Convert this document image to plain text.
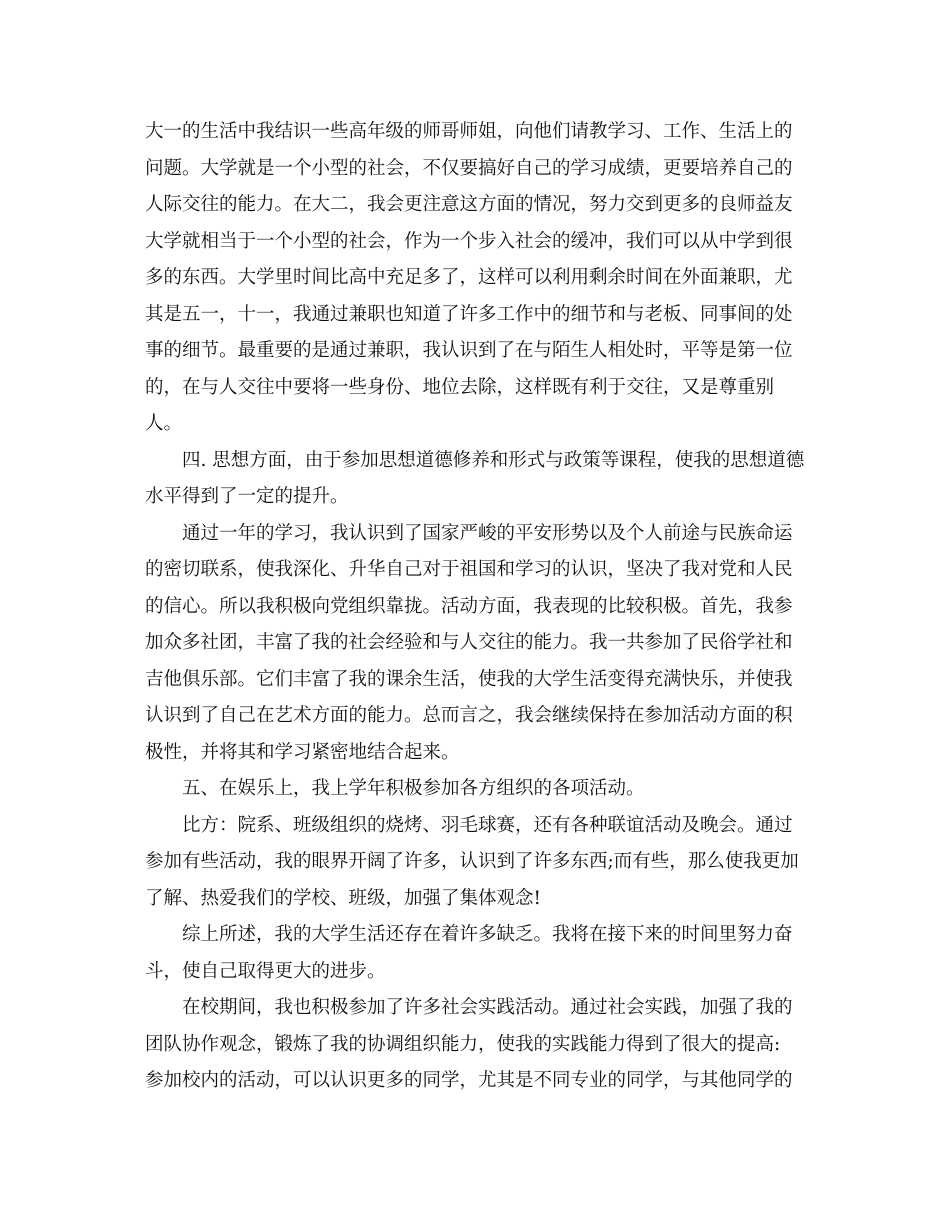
大一的生活中我结识一些高年级的师哥师姐，向他们请教学习、工作、生活上的
问题。大学就是一个小型的社会，不仅要搞好自己的学习成绩，更要培养自己的
人际交往的能力。在大二，我会更注意这方面的情况，努力交到更多的良师益友
大学就相当于一个小型的社会，作为一个步入社会的缓冲，我们可以从中学到很
多的东西。大学里时间比高中充足多了，这样可以利用剩余时间在外面兼职，尤
其是五一，十一，我通过兼职也知道了许多工作中的细节和与老板、同事间的处
事的细节。最重要的是通过兼职，我认识到了在与陌生人相处时，平等是第一位
的，在与人交往中要将一些身份、地位去除，这样既有利于交往，又是尊重别
人。
四. 思想方面，由于参加思想道德修养和形式与政策等课程，使我的思想道德
水平得到了一定的提升。
通过一年的学习，我认识到了国家严峻的平安形势以及个人前途与民族命运
的密切联系，使我深化、升华自己对于祖国和学习的认识，坚决了我对党和人民
的信心。所以我积极向党组织靠拢。活动方面，我表现的比较积极。首先，我参
加众多社团，丰富了我的社会经验和与人交往的能力。我一共参加了民俗学社和
吉他俱乐部。它们丰富了我的课余生活，使我的大学生活变得充满快乐，并使我
认识到了自己在艺术方面的能力。总而言之，我会继续保持在参加活动方面的积
极性，并将其和学习紧密地结合起来。
五、在娱乐上，我上学年积极参加各方组织的各项活动。
比方：院系、班级组织的烧烤、羽毛球赛，还有各种联谊活动及晚会。通过
参加有些活动，我的眼界开阔了许多，认识到了许多东西;而有些，那么使我更加
了解、热爱我们的学校、班级，加强了集体观念!
综上所述，我的大学生活还存在着许多缺乏。我将在接下来的时间里努力奋
斗，使自己取得更大的进步。
在校期间，我也积极参加了许多社会实践活动。通过社会实践，加强了我的
团队协作观念，锻炼了我的协调组织能力，使我的实践能力得到了很大的提高:
参加校内的活动，可以认识更多的同学，尤其是不同专业的同学，与其他同学的
